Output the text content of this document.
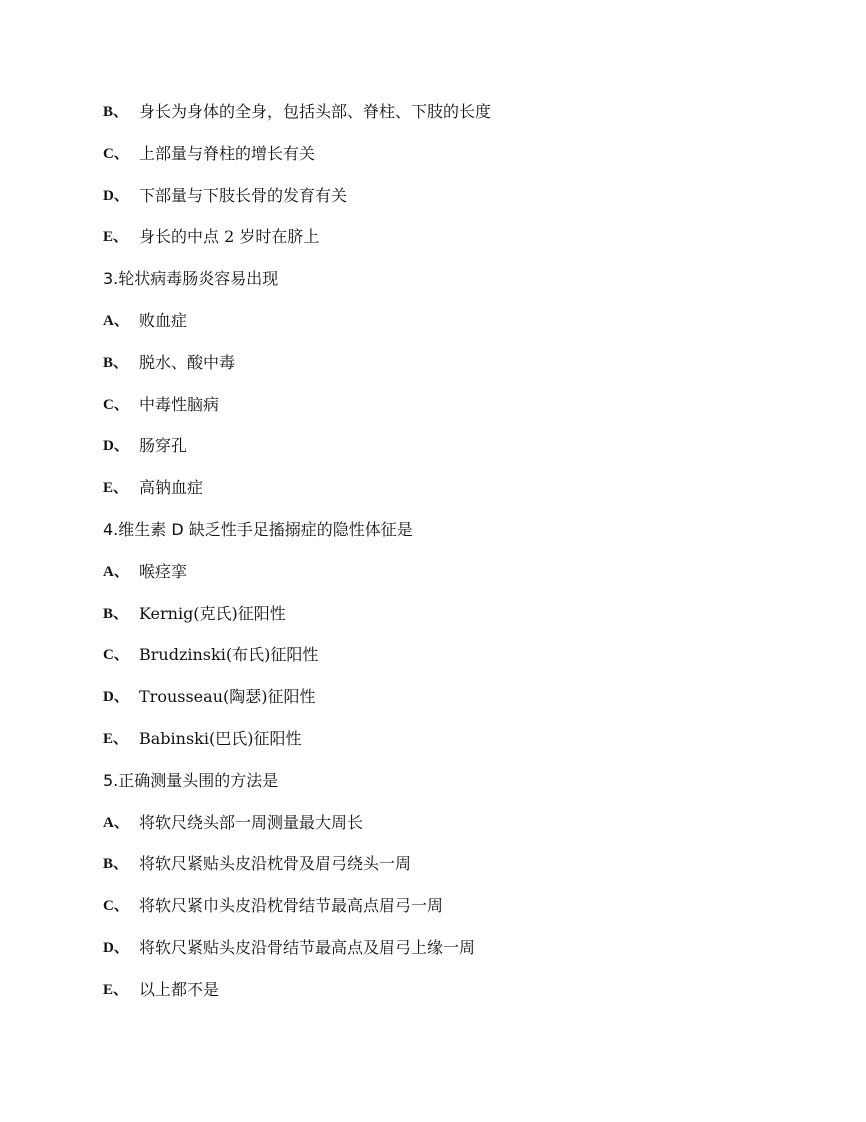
B、 身长为身体的全身，包括头部、脊柱、下肢的长度
C、 上部量与脊柱的增长有关
D、 下部量与下肢长骨的发育有关
E、 身长的中点 2 岁时在脐上
3.轮状病毒肠炎容易出现
A、 败血症
B、 脱水、酸中毒
C、 中毒性脑病
D、 肠穿孔
E、 高钠血症
4.维生素 D 缺乏性手足搐搦症的隐性体征是
A、 喉痉挛
B、 Kernig(克氏)征阳性
C、 Brudzinski(布氏)征阳性
D、 Trousseau(陶瑟)征阳性
E、 Babinski(巴氏)征阳性
5.正确测量头围的方法是
A、 将软尺绕头部一周测量最大周长
B、 将软尺紧贴头皮沿枕骨及眉弓绕头一周
C、 将软尺紧巾头皮沿枕骨结节最高点眉弓一周
D、 将软尺紧贴头皮沿骨结节最高点及眉弓上缘一周
E、 以上都不是
